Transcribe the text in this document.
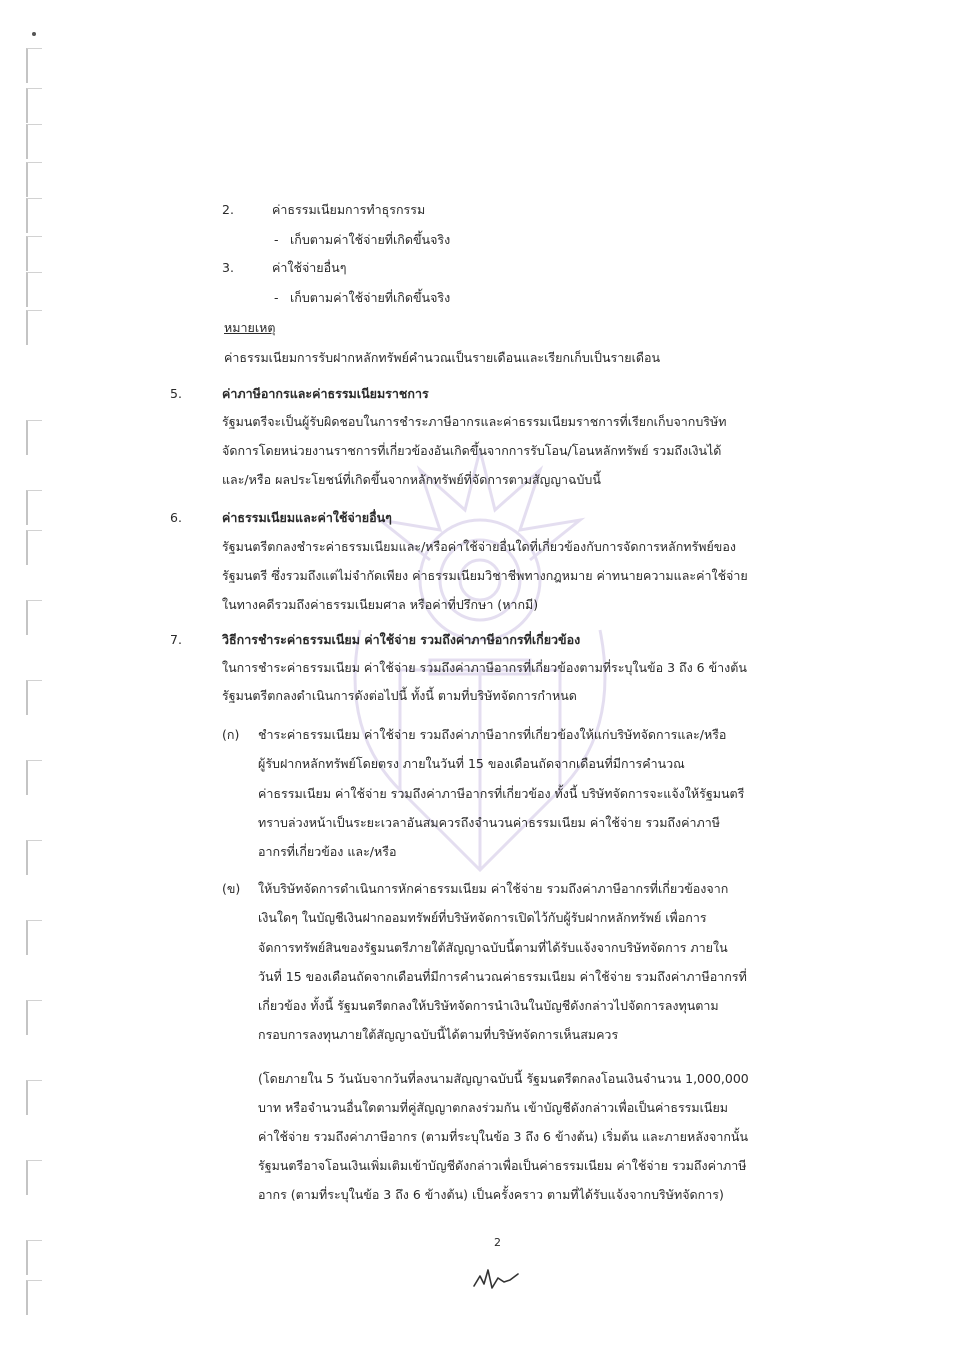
2.	ค่าธรรมเนียมการทำธุรกรรม
- เก็บตามค่าใช้จ่ายที่เกิดขึ้นจริง
3.	ค่าใช้จ่ายอื่นๆ
- เก็บตามค่าใช้จ่ายที่เกิดขึ้นจริง
หมายเหตุ
ค่าธรรมเนียมการรับฝากหลักทรัพย์คำนวณเป็นรายเดือนและเรียกเก็บเป็นรายเดือน
5.	ค่าภาษีอากรและค่าธรรมเนียมราชการ
รัฐมนตรีจะเป็นผู้รับผิดชอบในการชำระภาษีอากรและค่าธรรมเนียมราชการที่เรียกเก็บจากบริษัท
จัดการโดยหน่วยงานราชการที่เกี่ยวข้องอันเกิดขึ้นจากการรับโอน/โอนหลักทรัพย์ รวมถึงเงินได้
และ/หรือ ผลประโยชน์ที่เกิดขึ้นจากหลักทรัพย์ที่จัดการตามสัญญาฉบับนี้
6.	ค่าธรรมเนียมและค่าใช้จ่ายอื่นๆ
รัฐมนตรีตกลงชำระค่าธรรมเนียมและ/หรือค่าใช้จ่ายอื่นใดที่เกี่ยวข้องกับการจัดการหลักทรัพย์ของ
รัฐมนตรี ซึ่งรวมถึงแต่ไม่จำกัดเพียง ค่าธรรมเนียมวิชาชีพทางกฎหมาย ค่าทนายความและค่าใช้จ่าย
ในทางคดีรวมถึงค่าธรรมเนียมศาล หรือค่าที่ปรึกษา (หากมี)
7.	วิธีการชำระค่าธรรมเนียม ค่าใช้จ่าย รวมถึงค่าภาษีอากรที่เกี่ยวข้อง
ในการชำระค่าธรรมเนียม ค่าใช้จ่าย รวมถึงค่าภาษีอากรที่เกี่ยวข้องตามที่ระบุในข้อ 3 ถึง 6 ข้างต้น
รัฐมนตรีตกลงดำเนินการดังต่อไปนี้ ทั้งนี้ ตามที่บริษัทจัดการกำหนด
(ก) ชำระค่าธรรมเนียม ค่าใช้จ่าย รวมถึงค่าภาษีอากรที่เกี่ยวข้องให้แก่บริษัทจัดการและ/หรือ
ผู้รับฝากหลักทรัพย์โดยตรง ภายในวันที่ 15 ของเดือนถัดจากเดือนที่มีการคำนวณ
ค่าธรรมเนียม ค่าใช้จ่าย รวมถึงค่าภาษีอากรที่เกี่ยวข้อง ทั้งนี้ บริษัทจัดการจะแจ้งให้รัฐมนตรี
ทราบล่วงหน้าเป็นระยะเวลาอันสมควรถึงจำนวนค่าธรรมเนียม ค่าใช้จ่าย รวมถึงค่าภาษี
อากรที่เกี่ยวข้อง และ/หรือ
(ข) ให้บริษัทจัดการดำเนินการหักค่าธรรมเนียม ค่าใช้จ่าย รวมถึงค่าภาษีอากรที่เกี่ยวข้องจาก
เงินใดๆ ในบัญชีเงินฝากออมทรัพย์ที่บริษัทจัดการเปิดไว้กับผู้รับฝากหลักทรัพย์ เพื่อการ
จัดการทรัพย์สินของรัฐมนตรีภายใต้สัญญาฉบับนี้ตามที่ได้รับแจ้งจากบริษัทจัดการ ภายใน
วันที่ 15 ของเดือนถัดจากเดือนที่มีการคำนวณค่าธรรมเนียม ค่าใช้จ่าย รวมถึงค่าภาษีอากรที่
เกี่ยวข้อง ทั้งนี้ รัฐมนตรีตกลงให้บริษัทจัดการนำเงินในบัญชีดังกล่าวไปจัดการลงทุนตาม
กรอบการลงทุนภายใต้สัญญาฉบับนี้ได้ตามที่บริษัทจัดการเห็นสมควร
(โดยภายใน 5 วันนับจากวันที่ลงนามสัญญาฉบับนี้ รัฐมนตรีตกลงโอนเงินจำนวน 1,000,000
บาท หรือจำนวนอื่นใดตามที่คู่สัญญาตกลงร่วมกัน เข้าบัญชีดังกล่าวเพื่อเป็นค่าธรรมเนียม
ค่าใช้จ่าย รวมถึงค่าภาษีอากร (ตามที่ระบุในข้อ 3 ถึง 6 ข้างต้น) เริ่มต้น และภายหลังจากนั้น
รัฐมนตรีอาจโอนเงินเพิ่มเติมเข้าบัญชีดังกล่าวเพื่อเป็นค่าธรรมเนียม ค่าใช้จ่าย รวมถึงค่าภาษี
อากร (ตามที่ระบุในข้อ 3 ถึง 6 ข้างต้น) เป็นครั้งคราว ตามที่ได้รับแจ้งจากบริษัทจัดการ)
2
